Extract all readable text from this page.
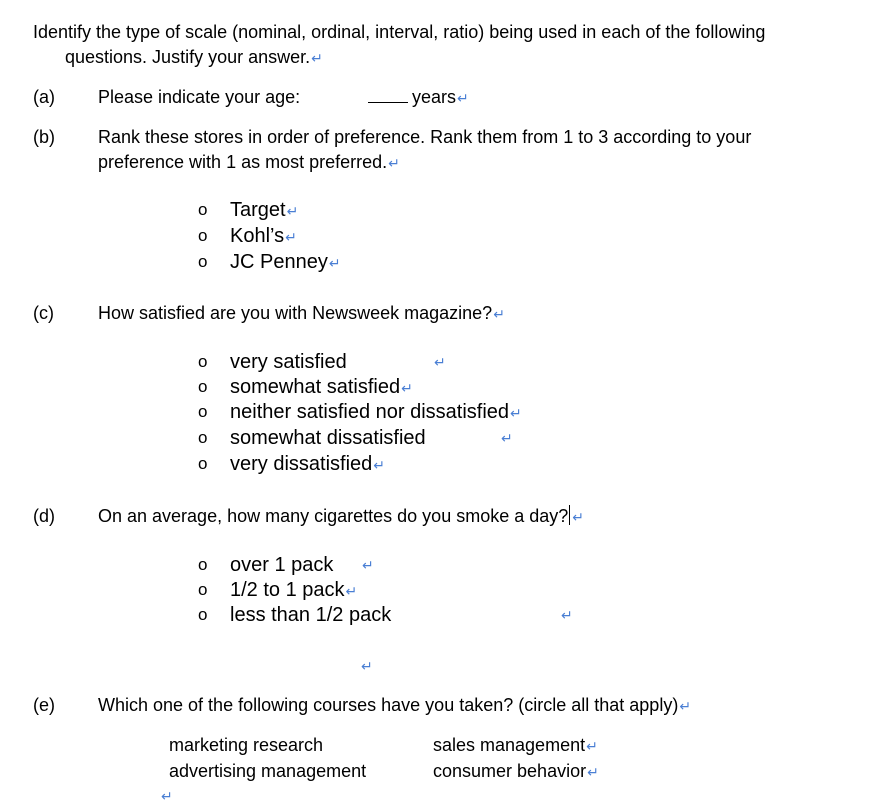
Identify the type of scale (nominal, ordinal, interval, ratio) being used in each of the following
questions. Justify your answer.↵
(a) Please indicate your age:	years↵
(b) Rank these stores in order of preference. Rank them from 1 to 3 according to your
preference with 1 as most preferred.↵
o Target↵
o Kohl’s↵
o JC Penney↵
(c) How satisfied are you with Newsweek magazine?↵
o very satisfied
↵
o somewhat satisfied↵
o neither satisfied nor dissatisfied↵
o somewhat dissatisfied
↵
o very dissatisfied↵
(d) On an average, how many cigarettes do you smoke a day?↵
o over 1 pack
↵
o 1/2 to 1 pack↵
o less than 1/2 pack
↵
↵
(e) Which one of the following courses have you taken? (circle all that apply)↵
marketing research	sales management↵
advertising management	consumer behavior↵
↵
